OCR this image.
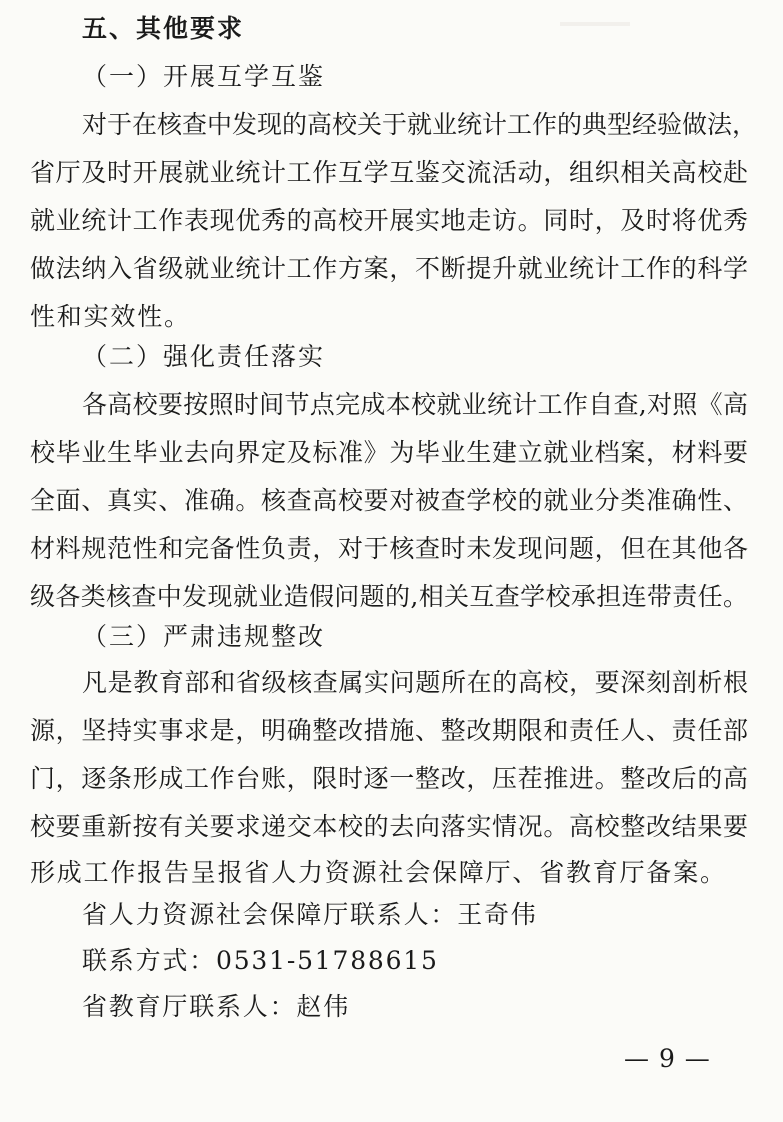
五、其他要求
（一）开展互学互鉴
对于在核查中发现的高校关于就业统计工作的典型经验做法，
省厅及时开展就业统计工作互学互鉴交流活动，组织相关高校赴
就业统计工作表现优秀的高校开展实地走访。同时，及时将优秀
做法纳入省级就业统计工作方案，不断提升就业统计工作的科学
性和实效性。
（二）强化责任落实
各高校要按照时间节点完成本校就业统计工作自查,对照《高
校毕业生毕业去向界定及标准》为毕业生建立就业档案，材料要
全面、真实、准确。核查高校要对被查学校的就业分类准确性、
材料规范性和完备性负责，对于核查时未发现问题，但在其他各
级各类核查中发现就业造假问题的,相关互查学校承担连带责任。
（三）严肃违规整改
凡是教育部和省级核查属实问题所在的高校，要深刻剖析根
源，坚持实事求是，明确整改措施、整改期限和责任人、责任部
门，逐条形成工作台账，限时逐一整改，压茬推进。整改后的高
校要重新按有关要求递交本校的去向落实情况。高校整改结果要
形成工作报告呈报省人力资源社会保障厅、省教育厅备案。
省人力资源社会保障厅联系人：王奇伟
联系方式：0531-51788615
省教育厅联系人：赵伟
— 9 —
